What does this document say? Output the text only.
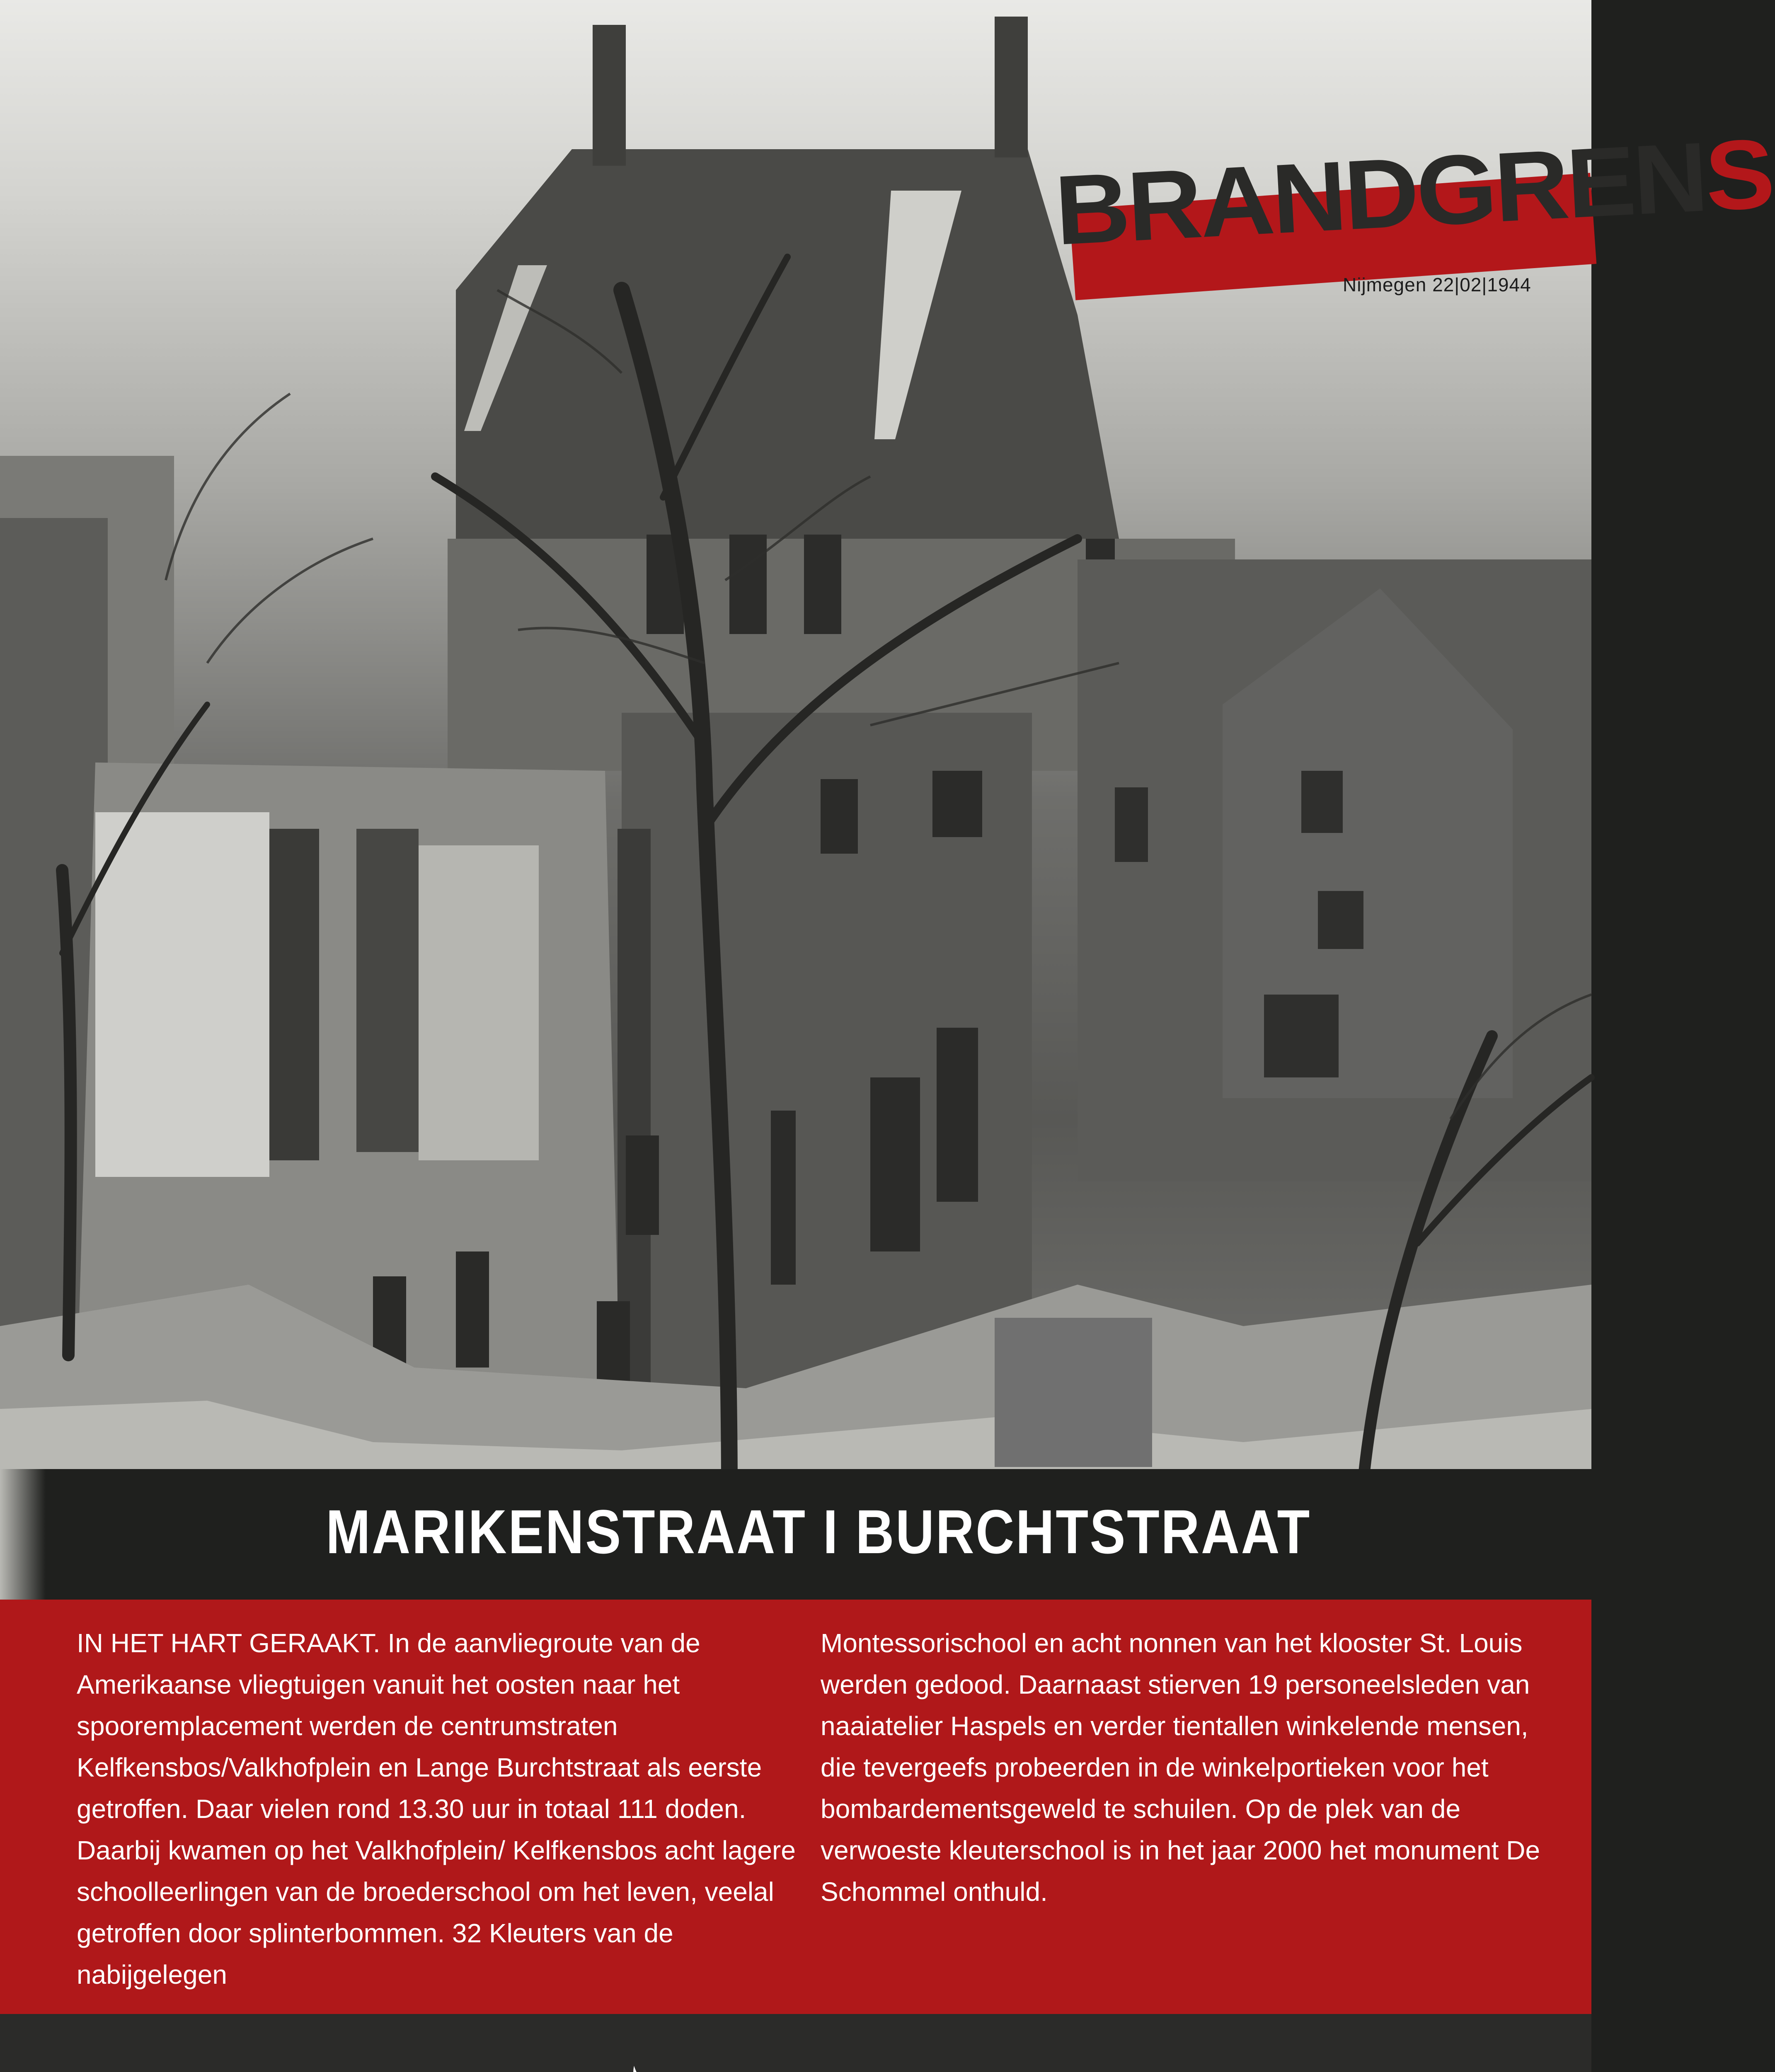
BRANDGRENS
Nijmegen 22|02|1944
MARIKENSTRAAT I BURCHTSTRAAT
IN HET HART GERAAKT. In de aanvliegroute van de Amerikaanse vliegtuigen vanuit het oosten naar het spooremplacement werden de centrumstraten Kelfkensbos/Valkhofplein en Lange Burchtstraat als eerste getroffen. Daar vielen rond 13.30 uur in totaal 111 doden. Daarbij kwamen op het Valkhofplein/ Kelfkensbos acht lagere schoolleerlingen van de broederschool om het leven, veelal getroffen door splinterbommen. 32 Kleuters van de nabijgelegen
Montessorischool en acht nonnen van het klooster St. Louis werden gedood. Daarnaast stierven 19 personeelsleden van naaiatelier Haspels en verder tientallen winkelende mensen, die tevergeefs probeerden in de winkelportieken voor het bombardementsgeweld te schuilen. Op de plek van de verwoeste kleuterschool is in het jaar 2000 het monument De Schommel onthuld.
